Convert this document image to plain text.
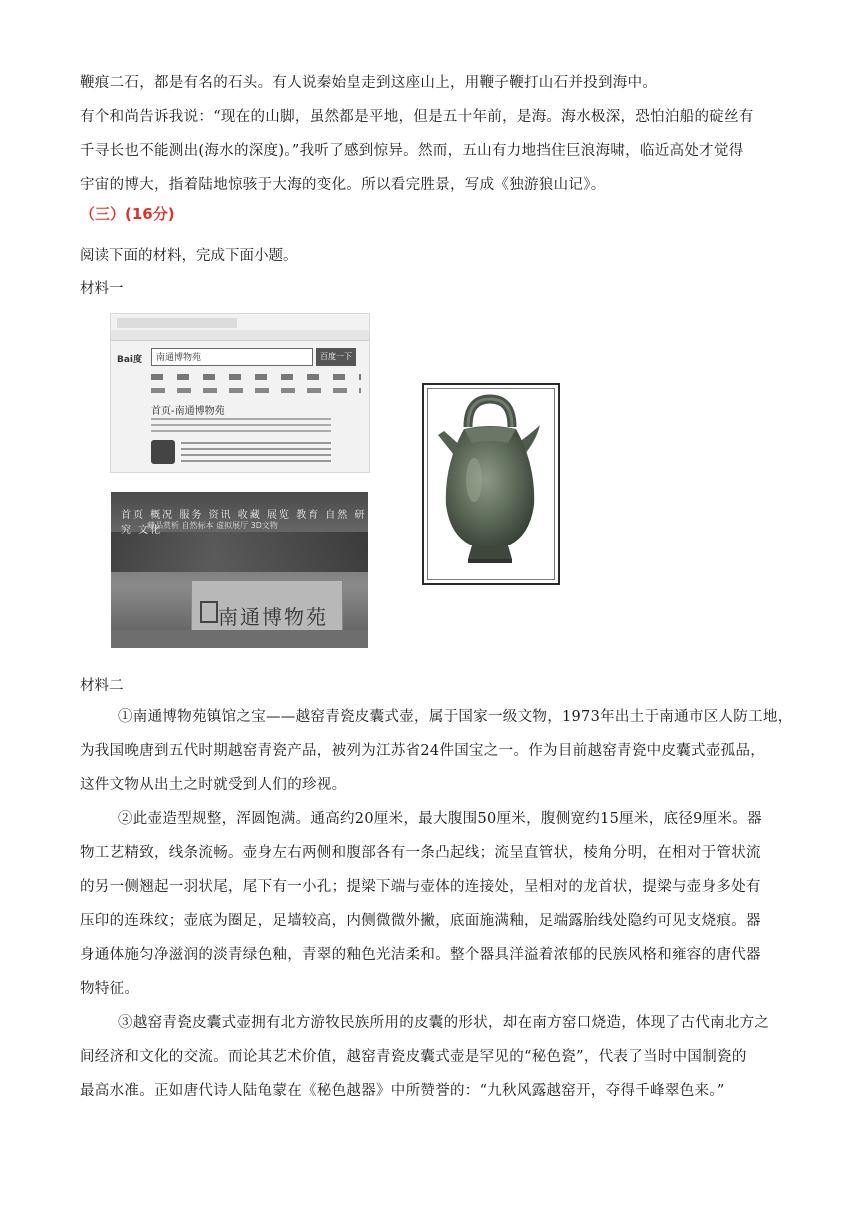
鞭痕二石，都是有名的石头。有人说秦始皇走到这座山上，用鞭子鞭打山石并投到海中。
有个和尚告诉我说：“现在的山脚，虽然都是平地，但是五十年前，是海。海水极深，恐怕泊船的碇丝有
千寻长也不能测出(海水的深度)。”我听了感到惊异。然而，五山有力地挡住巨浪海啸，临近高处才觉得
宇宙的博大，指着陆地惊骇于大海的变化。所以看完胜景，写成《独游狼山记》。
（三）(16分)
阅读下面的材料，完成下面小题。
材料一
Bai度 南通博物苑	百度一下
首页-南通博物苑
首页 概况 服务 资讯 收藏 展览 教育 自然 研究 文化
藏品赏析 自然标本 虚拟展厅 3D文物
南通博物苑
材料二
①南通博物苑镇馆之宝——越窑青瓷皮囊式壶，属于国家一级文物，1973年出土于南通市区人防工地，
为我国晚唐到五代时期越窑青瓷产品，被列为江苏省24件国宝之一。作为目前越窑青瓷中皮囊式壶孤品，
这件文物从出土之时就受到人们的珍视。
②此壶造型规整，浑圆饱满。通高约20厘米，最大腹围50厘米，腹侧宽约15厘米，底径9厘米。器
物工艺精致，线条流畅。壶身左右两侧和腹部各有一条凸起线；流呈直管状，棱角分明，在相对于管状流
的另一侧翘起一羽状尾，尾下有一小孔；提梁下端与壶体的连接处，呈相对的龙首状，提梁与壶身多处有
压印的连珠纹；壶底为圈足，足墙较高，内侧微微外撇，底面施满釉，足端露胎线处隐约可见支烧痕。器
身通体施匀净滋润的淡青绿色釉，青翠的釉色光洁柔和。整个器具洋溢着浓郁的民族风格和雍容的唐代器
物特征。
③越窑青瓷皮囊式壶拥有北方游牧民族所用的皮囊的形状，却在南方窑口烧造，体现了古代南北方之
间经济和文化的交流。而论其艺术价值，越窑青瓷皮囊式壶是罕见的“秘色瓷”，代表了当时中国制瓷的
最高水准。正如唐代诗人陆龟蒙在《秘色越器》中所赞誉的：“九秋风露越窑开，夺得千峰翠色来。”
